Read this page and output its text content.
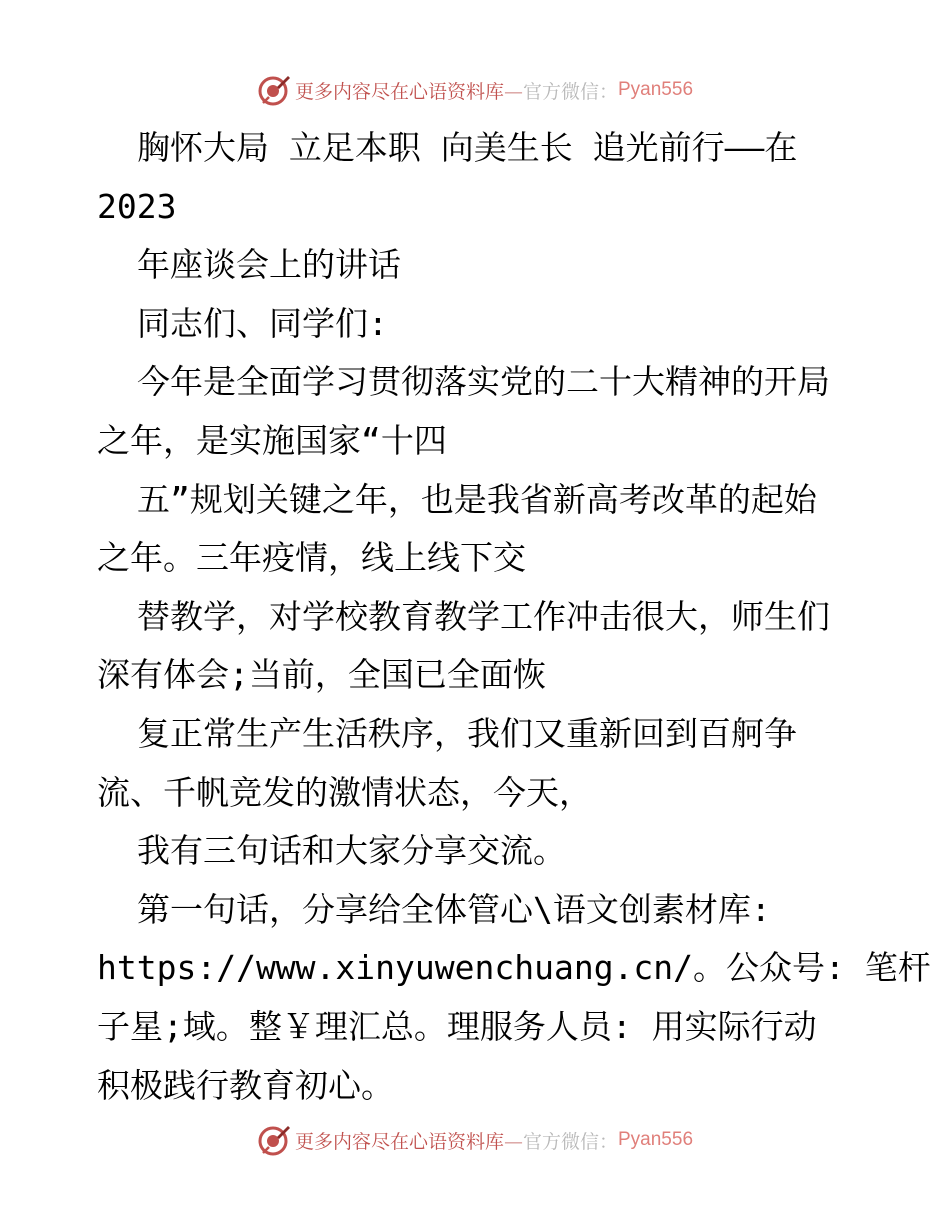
更多内容尽在心语资料库— 官方微信： Pyan556
胸怀大局 立足本职 向美生长 追光前行——在
2023
年座谈会上的讲话
同志们、同学们:
今年是全面学习贯彻落实党的二十大精神的开局
之年，是实施国家“十四
五”规划关键之年，也是我省新高考改革的起始
之年。三年疫情，线上线下交
替教学，对学校教育教学工作冲击很大，师生们
深有体会;当前，全国已全面恢
复正常生产生活秩序，我们又重新回到百舸争
流、千帆竞发的激情状态，今天，
我有三句话和大家分享交流。
第一句话，分享给全体管心\语文创素材库:
https://www.xinyuwenchuang.cn/。公众号: 笔杆
子星;域。整￥理汇总。理服务人员: 用实际行动
积极践行教育初心。
更多内容尽在心语资料库— 官方微信： Pyan556
